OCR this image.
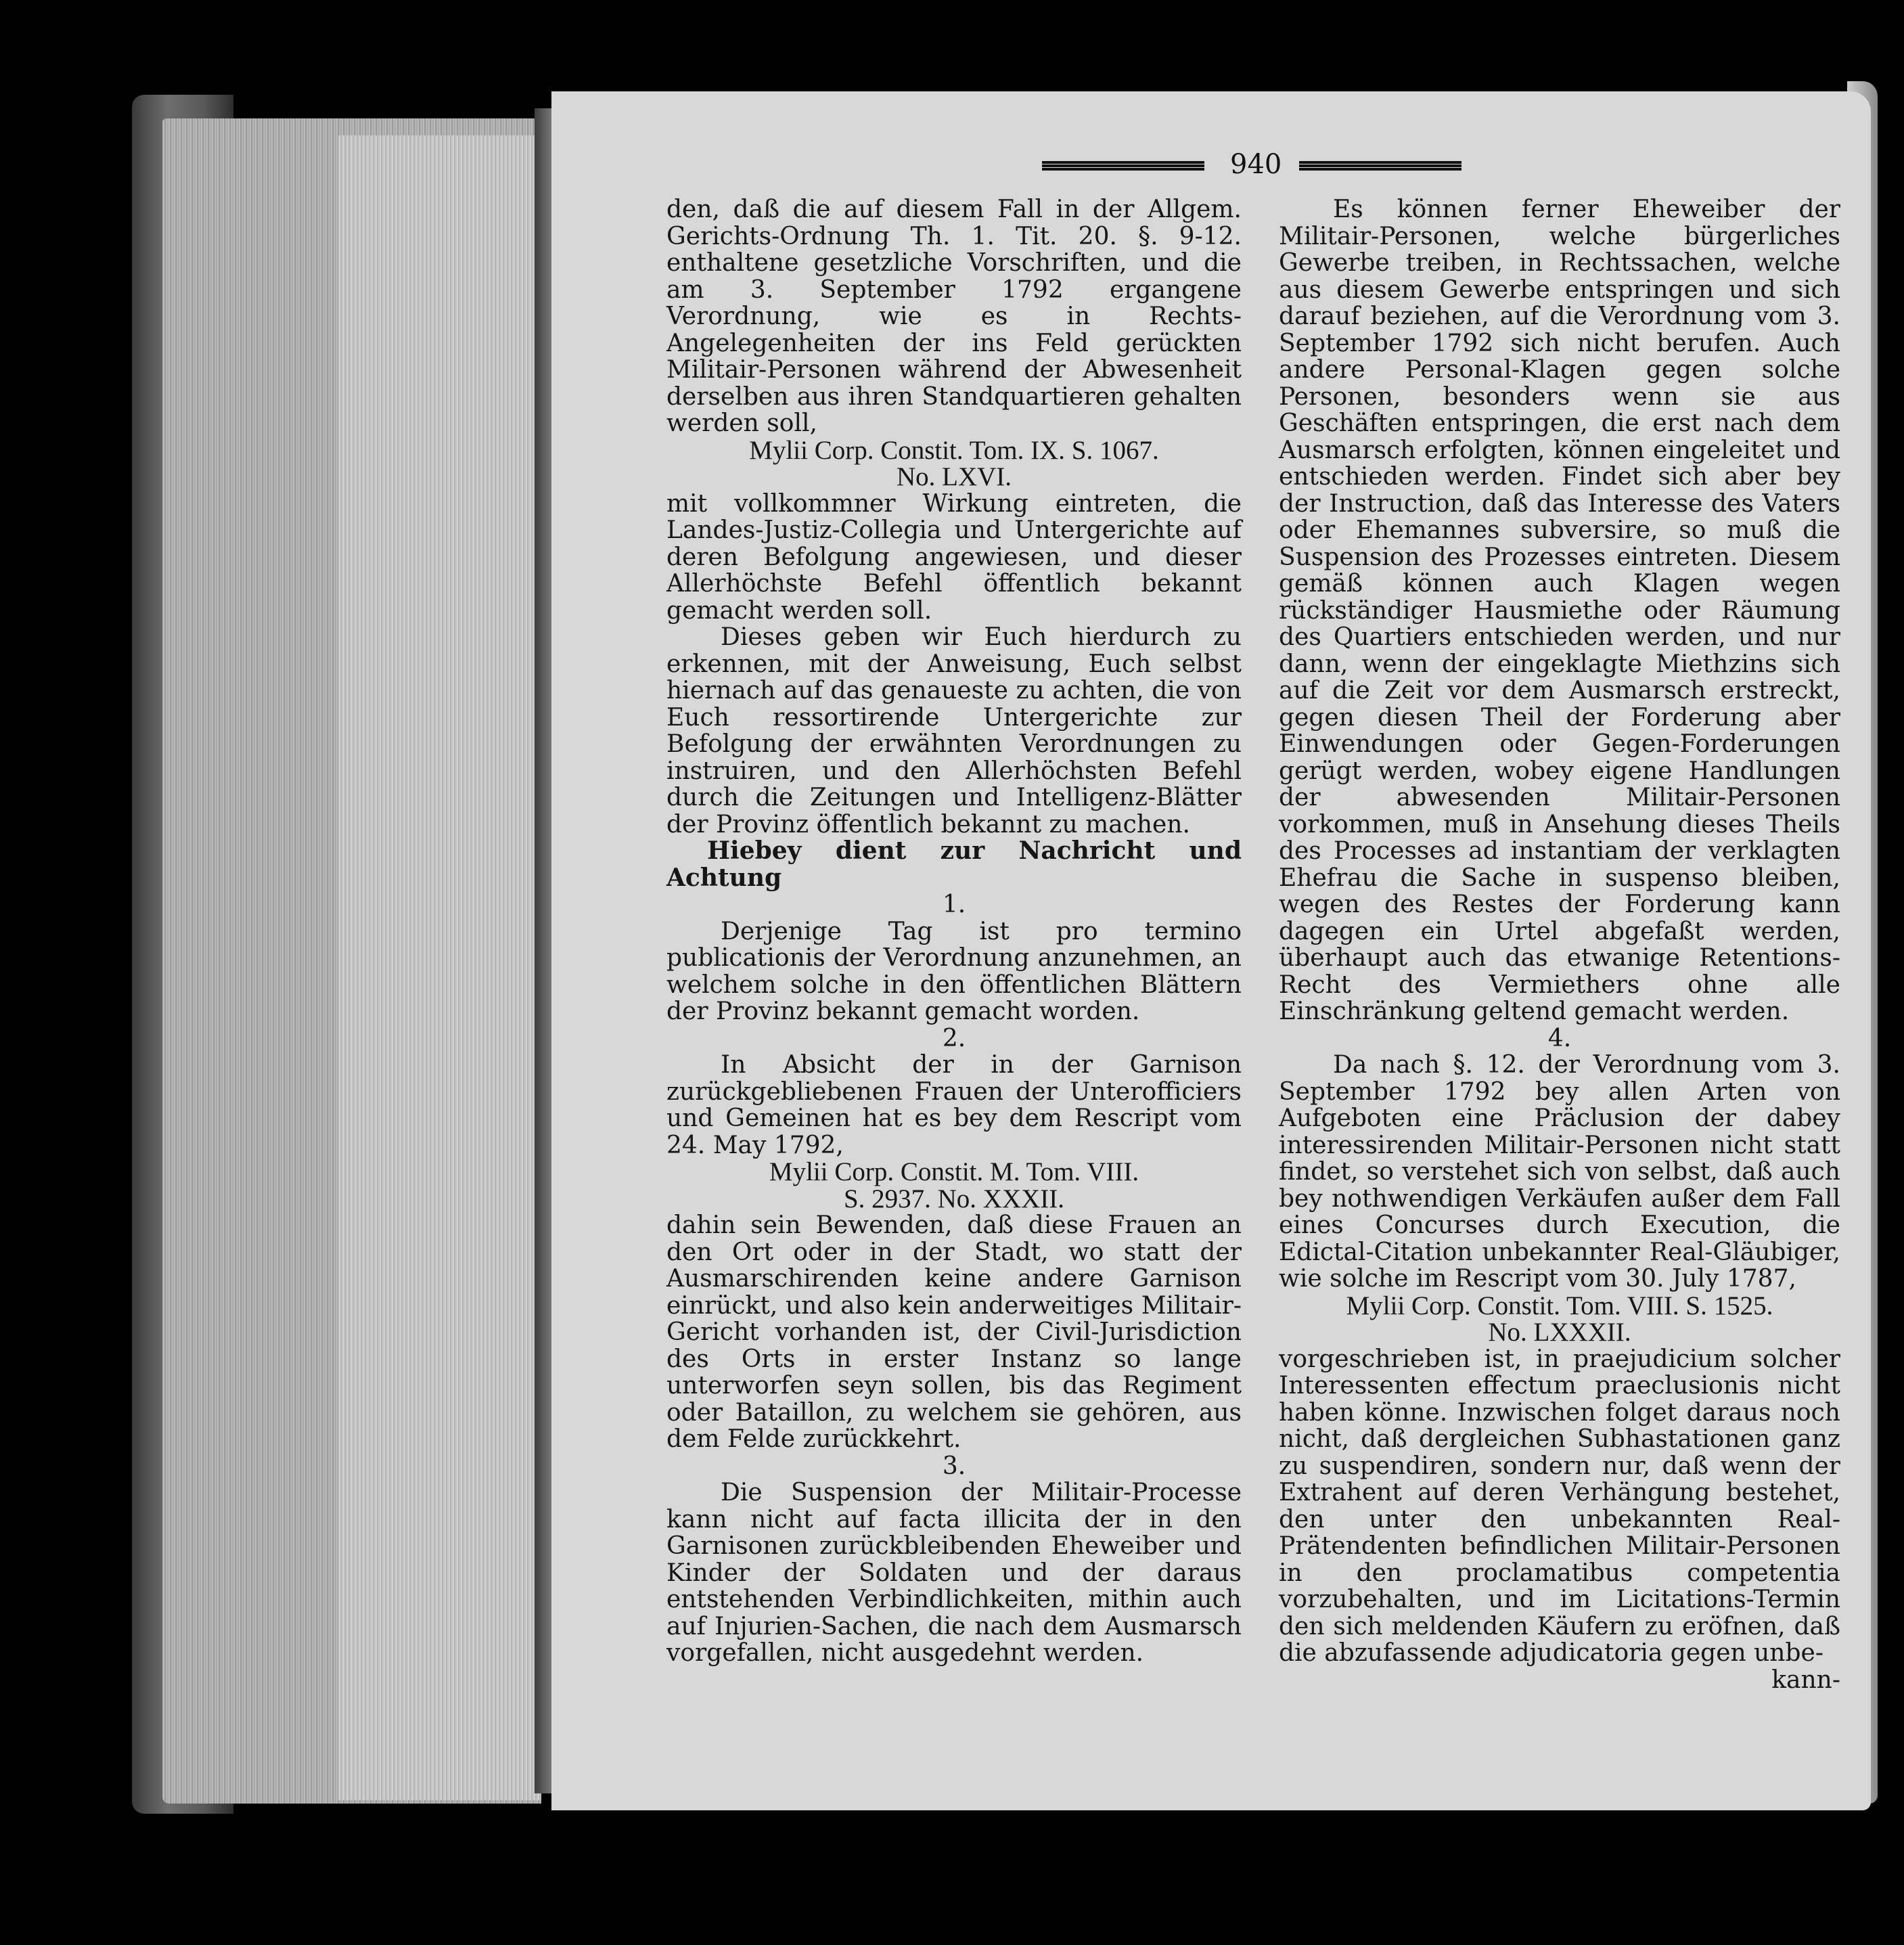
940

den, daß die auf diesem Fall in der Allgem. Gerichts-Ordnung Th. 1. Tit. 20. §. 9-12. enthaltene gesetzliche Vorschriften, und die am 3. September 1792 ergangene Verordnung, wie es in Rechts-Angelegenheiten der ins Feld gerückten Militair-Personen während der Abwesenheit derselben aus ihren Standquartieren gehalten werden soll,

Mylii Corp. Constit. Tom. IX. S. 1067.

No. LXVI.

mit vollkommner Wirkung eintreten, die Landes-Justiz-Collegia und Untergerichte auf deren Befolgung angewiesen, und dieser Allerhöchste Befehl öffentlich bekannt gemacht werden soll.

Dieses geben wir Euch hierdurch zu erkennen, mit der Anweisung, Euch selbst hiernach auf das genaueste zu achten, die von Euch ressortirende Untergerichte zur Befolgung der erwähnten Verordnungen zu instruiren, und den Allerhöchsten Befehl durch die Zeitungen und Intelligenz-Blätter der Provinz öffentlich bekannt zu machen.

Hiebey dient zur Nachricht und Achtung

1.

Derjenige Tag ist pro termino publicationis der Verordnung anzunehmen, an welchem solche in den öffentlichen Blättern der Provinz bekannt gemacht worden.

2.

In Absicht der in der Garnison zurückgebliebenen Frauen der Unterofficiers und Gemeinen hat es bey dem Rescript vom 24. May 1792,

Mylii Corp. Constit. M. Tom. VIII.

S. 2937. No. XXXII.

dahin sein Bewenden, daß diese Frauen an den Ort oder in der Stadt, wo statt der Ausmarschirenden keine andere Garnison einrückt, und also kein anderweitiges Militair-Gericht vorhanden ist, der Civil-Jurisdiction des Orts in erster Instanz so lange unterworfen seyn sollen, bis das Regiment oder Bataillon, zu welchem sie gehören, aus dem Felde zurückkehrt.

3.

Die Suspension der Militair-Processe kann nicht auf facta illicita der in den Garnisonen zurückbleibenden Eheweiber und Kinder der Soldaten und der daraus entstehenden Verbindlichkeiten, mithin auch auf Injurien-Sachen, die nach dem Ausmarsch vorgefallen, nicht ausgedehnt werden.

Es können ferner Eheweiber der Militair-Personen, welche bürgerliches Gewerbe treiben, in Rechtssachen, welche aus diesem Gewerbe entspringen und sich darauf beziehen, auf die Verordnung vom 3. September 1792 sich nicht berufen. Auch andere Personal-Klagen gegen solche Personen, besonders wenn sie aus Geschäften entspringen, die erst nach dem Ausmarsch erfolgten, können eingeleitet und entschieden werden. Findet sich aber bey der Instruction, daß das Interesse des Vaters oder Ehemannes subversire, so muß die Suspension des Prozesses eintreten. Diesem gemäß können auch Klagen wegen rückständiger Hausmiethe oder Räumung des Quartiers entschieden werden, und nur dann, wenn der eingeklagte Miethzins sich auf die Zeit vor dem Ausmarsch erstreckt, gegen diesen Theil der Forderung aber Einwendungen oder Gegen-Forderungen gerügt werden, wobey eigene Handlungen der abwesenden Militair-Personen vorkommen, muß in Ansehung dieses Theils des Processes ad instantiam der verklagten Ehefrau die Sache in suspenso bleiben, wegen des Restes der Forderung kann dagegen ein Urtel abgefaßt werden, überhaupt auch das etwanige Retentions-Recht des Vermiethers ohne alle Einschränkung geltend gemacht werden.

4.

Da nach §. 12. der Verordnung vom 3. September 1792 bey allen Arten von Aufgeboten eine Präclusion der dabey interessirenden Militair-Personen nicht statt findet, so verstehet sich von selbst, daß auch bey nothwendigen Verkäufen außer dem Fall eines Concurses durch Execution, die Edictal-Citation unbekannter Real-Gläubiger, wie solche im Rescript vom 30. July 1787,

Mylii Corp. Constit. Tom. VIII. S. 1525.

No. LXXXII.

vorgeschrieben ist, in praejudicium solcher Interessenten effectum praeclusionis nicht haben könne. Inzwischen folget daraus noch nicht, daß dergleichen Subhastationen ganz zu suspendiren, sondern nur, daß wenn der Extrahent auf deren Verhängung bestehet, den unter den unbekannten Real-Prätendenten befindlichen Militair-Personen in den proclamatibus competentia vorzubehalten, und im Licitations-Termin den sich meldenden Käufern zu eröfnen, daß die abzufassende adjudicatoria gegen unbe-

kann-
